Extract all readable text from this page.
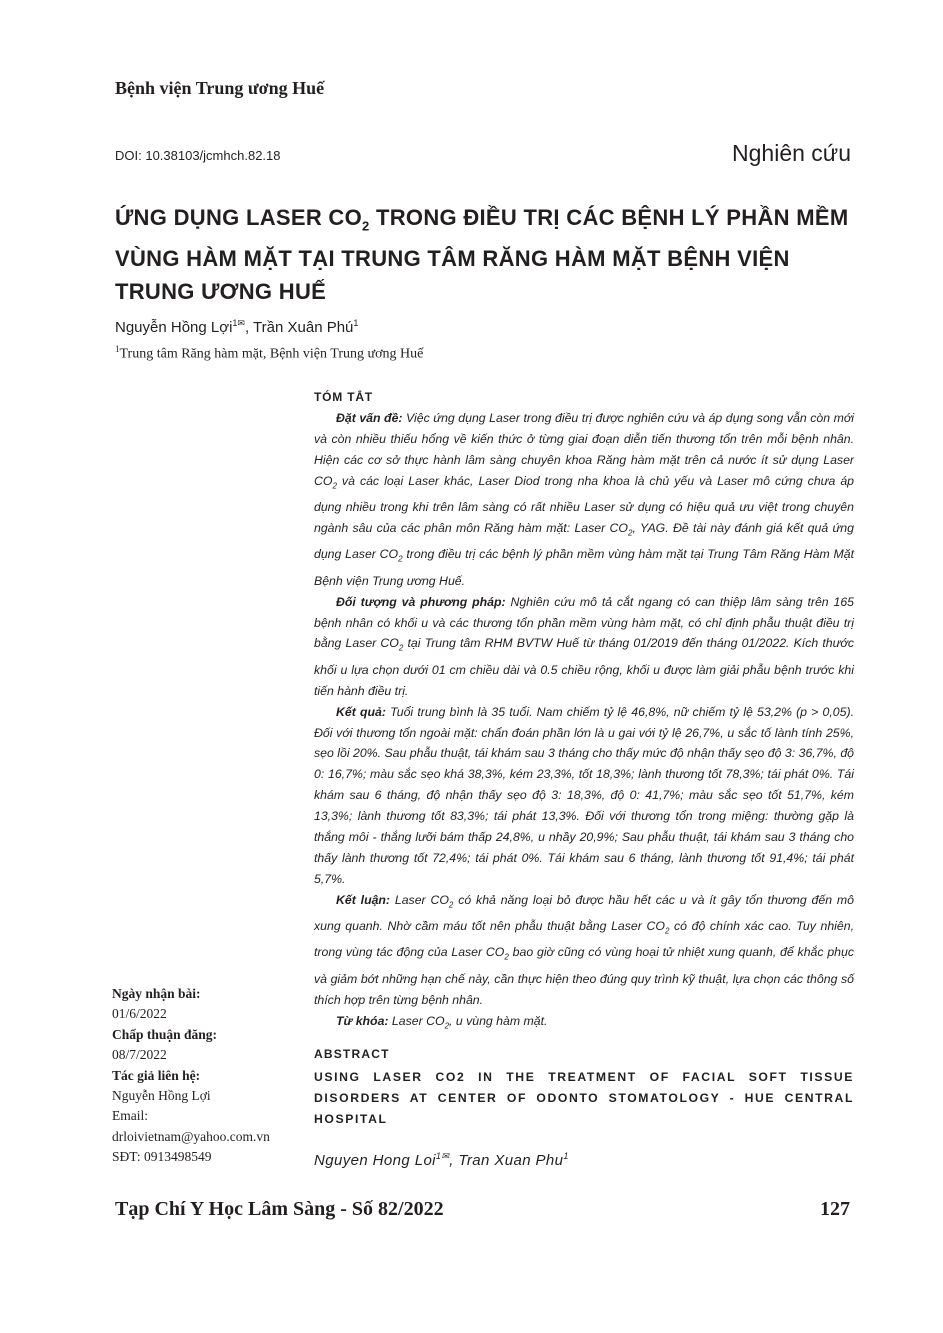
Bệnh viện Trung ương Huế
DOI: 10.38103/jcmhch.82.18	Nghiên cứu
ỨNG DỤNG LASER $CO_2$ TRONG ĐIỀU TRỊ CÁC BỆNH LÝ PHẦN MỀM VÙNG HÀM MẶT TẠI TRUNG TÂM RĂNG HÀM MẶT BỆNH VIỆN TRUNG ƯƠNG HUẾ
Nguyễn Hồng Lợi$^{1✉}$, Trần Xuân Phú$^1$
$^1$Trung tâm Răng hàm mặt, Bệnh viện Trung ương Huế
TÓM TẮT

Đặt vấn đề: Việc ứng dụng Laser trong điều trị được nghiên cứu và áp dụng song vẫn còn mới và còn nhiều thiếu hổng về kiến thức ở từng giai đoạn diễn tiến thương tổn trên mỗi bệnh nhân. Hiện các cơ sở thực hành lâm sàng chuyên khoa Răng hàm mặt trên cả nước ít sử dụng Laser $CO_2$ và các loại Laser khác, Laser Diod trong nha khoa là chủ yếu và Laser mô cứng chưa áp dụng nhiều trong khi trên lâm sàng có rất nhiều Laser sử dụng có hiệu quả ưu việt trong chuyên ngành sâu của các phân môn Răng hàm mặt: Laser $CO_2$, YAG. Đề tài này đánh giá kết quả ứng dụng Laser $CO_2$ trong điều trị các bệnh lý phần mềm vùng hàm mặt tại Trung Tâm Răng Hàm Mặt Bệnh viện Trung ương Huế.

Đối tượng và phương pháp: Nghiên cứu mô tả cắt ngang có can thiệp lâm sàng trên 165 bệnh nhân có khối u và các thương tổn phần mềm vùng hàm mặt, có chỉ định phẫu thuật điều trị bằng Laser $CO_2$ tại Trung tâm RHM BVTW Huế từ tháng 01/2019 đến tháng 01/2022. Kích thước khối u lựa chọn dưới 01 cm chiều dài và 0.5 chiều rộng, khối u được làm giải phẫu bệnh trước khi tiến hành điều trị.

Kết quả: Tuổi trung bình là 35 tuổi. Nam chiếm tỷ lệ 46,8%, nữ chiếm tỷ lệ 53,2% (p > 0,05). Đối với thương tổn ngoài mặt: chẩn đoán phần lớn là u gai với tỷ lệ 26,7%, u sắc tố lành tính 25%, sẹo lồi 20%. Sau phẫu thuật, tái khám sau 3 tháng cho thấy mức độ nhận thấy sẹo độ 3: 36,7%, độ 0: 16,7%; màu sắc sẹo khá 38,3%, kém 23,3%, tốt 18,3%; lành thương tốt 78,3%; tái phát 0%. Tái khám sau 6 tháng, độ nhận thấy sẹo độ 3: 18,3%, độ 0: 41,7%; màu sắc sẹo tốt 51,7%, kém 13,3%; lành thương tốt 83,3%; tái phát 13,3%. Đối với thương tổn trong miệng: thường gặp là thắng môi - thắng lưỡi bám thấp 24,8%, u nhầy 20,9%; Sau phẫu thuật, tái khám sau 3 tháng cho thấy lành thương tốt 72,4%; tái phát 0%. Tái khám sau 6 tháng, lành thương tốt 91,4%; tái phát 5,7%.

Kết luận: Laser $CO_2$ có khả năng loại bỏ được hầu hết các u và ít gây tổn thương đến mô xung quanh. Nhờ cầm máu tốt nên phẫu thuật bằng Laser $CO_2$ có độ chính xác cao. Tuy nhiên, trong vùng tác động của Laser $CO_2$ bao giờ cũng có vùng hoại tử nhiệt xung quanh, để khắc phục và giảm bớt những hạn chế này, cần thực hiện theo đúng quy trình kỹ thuật, lựa chọn các thông số thích hợp trên từng bệnh nhân.

Từ khóa: Laser $CO_2$, u vùng hàm mặt.

ABSTRACT

USING LASER CO2 IN THE TREATMENT OF FACIAL SOFT TISSUE DISORDERS AT CENTER OF ODONTO STOMATOLOGY - HUE CENTRAL HOSPITAL

Nguyen Hong Loi$^{1✉}$, Tran Xuan Phu$^1$
Ngày nhận bài:
01/6/2022
Chấp thuận đăng:
08/7/2022
Tác giả liên hệ:
Nguyễn Hồng Lợi
Email:
drloivietnam@yahoo.com.vn
SĐT: 0913498549
Tạp Chí Y Học Lâm Sàng - Số 82/2022	127
